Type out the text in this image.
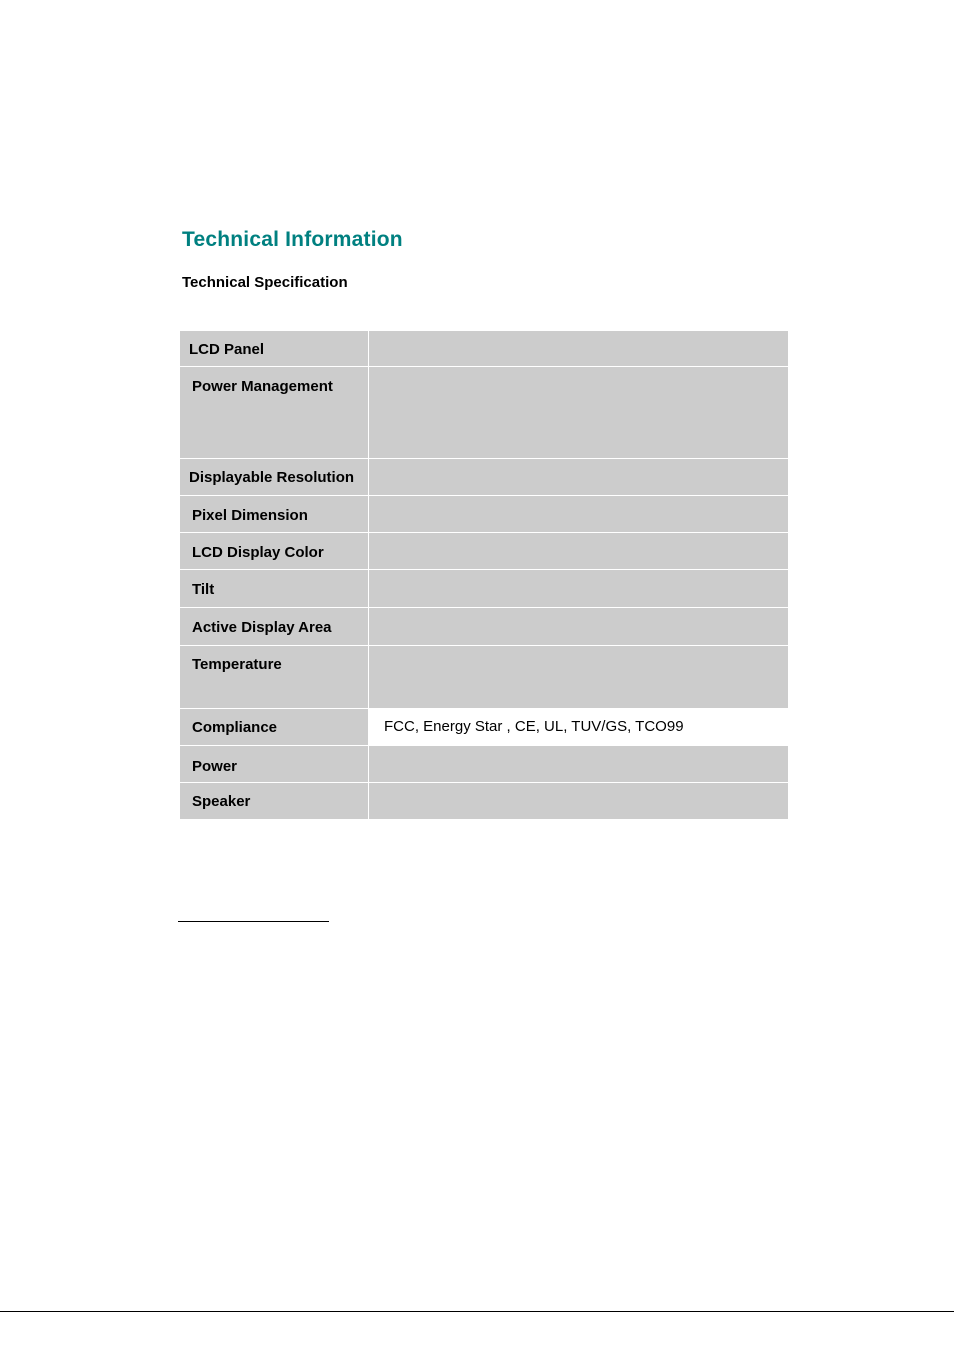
Technical Information
Technical Specification
LCD Panel
Power Management
Displayable Resolution
Pixel Dimension
LCD Display Color
Tilt
Active Display Area
Temperature
Compliance	FCC, Energy Star , CE, UL, TUV/GS, TCO99
Power
Speaker
